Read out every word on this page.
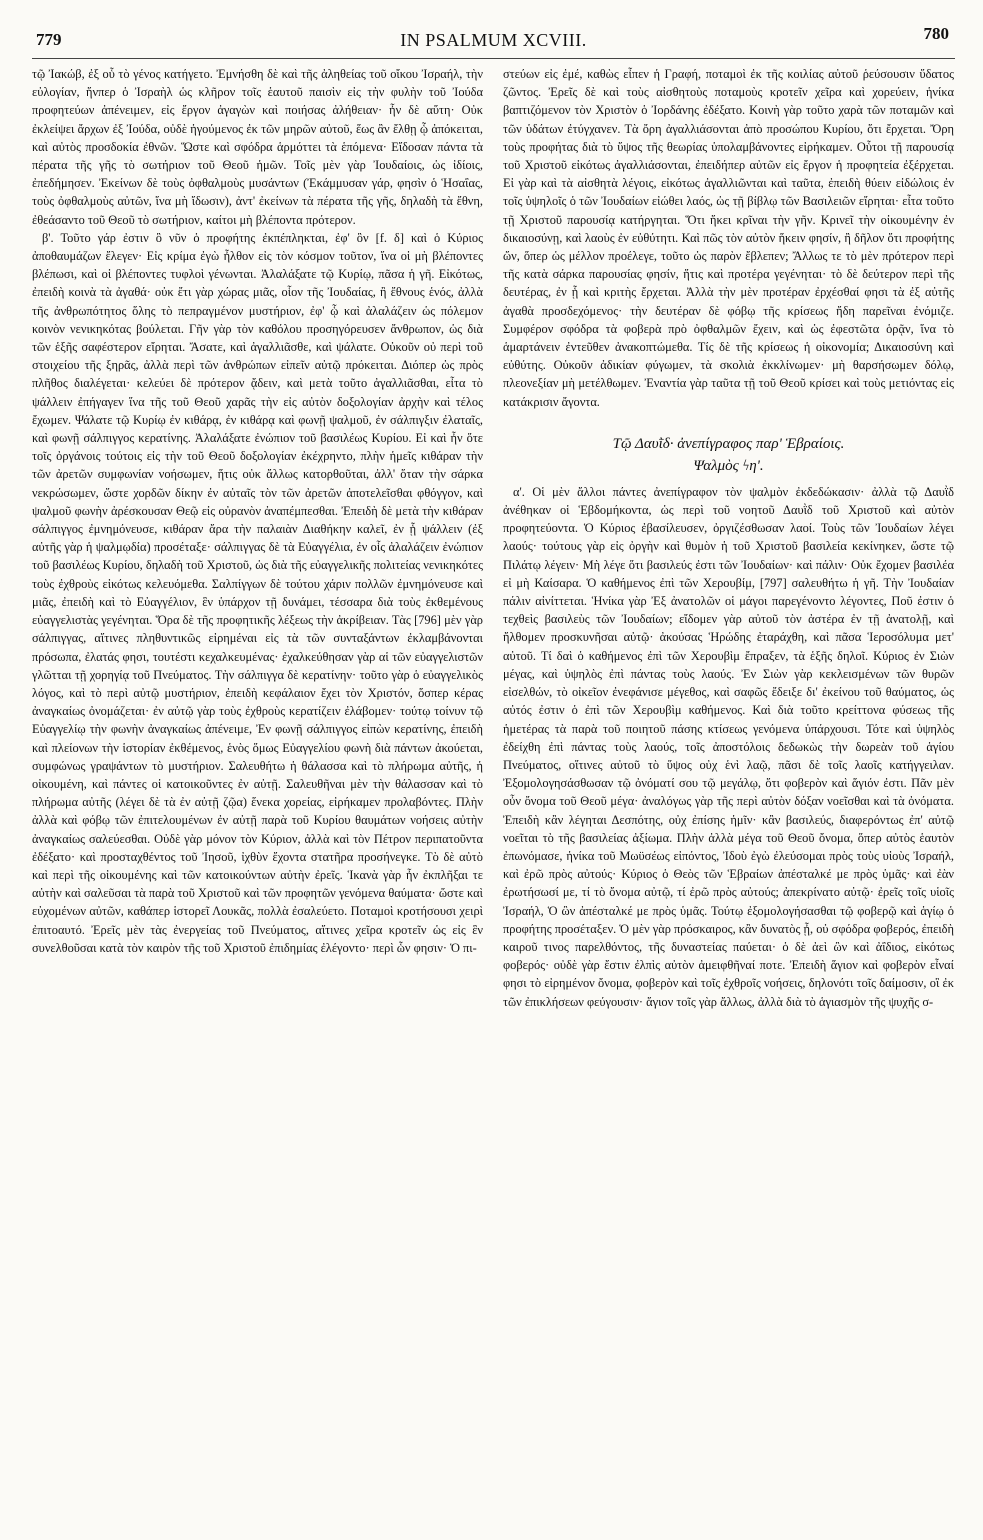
779	IN PSALMUM XCVIII.	780

τῷ Ἰακώβ, ἐξ οὗ τὸ γένος κατήγετο. Ἐμνήσθη δὲ καὶ τῆς ἀληθείας τοῦ οἴκου Ἰσραήλ, τὴν εὐλογίαν, ἥνπερ ὁ Ἰσραὴλ ὡς κλῆρον τοῖς ἑαυτοῦ παισὶν εἰς τὴν φυλὴν τοῦ Ἰούδα προφητεύων ἀπένειμεν, εἰς ἔργον ἀγαγὼν καὶ ποιήσας ἀλήθειαν· ἦν δὲ αὕτη· Οὐκ ἐκλείψει ἄρχων ἐξ Ἰούδα, οὐδὲ ἡγούμενος ἐκ τῶν μηρῶν αὐτοῦ, ἕως ἂν ἔλθῃ ᾧ ἀπόκειται, καὶ αὐτὸς προσδοκία ἐθνῶν. Ὥστε καὶ σφόδρα ἁρμόττει τὰ ἑπόμενα· Εἴδοσαν πάντα τὰ πέρατα τῆς γῆς τὸ σωτήριον τοῦ Θεοῦ ἡμῶν. Τοῖς μὲν γὰρ Ἰουδαίοις, ὡς ἰδίοις, ἐπεδήμησεν. Ἐκείνων δὲ τοὺς ὀφθαλμοὺς μυσάντων (Ἐκάμμυσαν γάρ, φησὶν ὁ Ἡσαΐας, τοὺς ὀφθαλμοὺς αὐτῶν, ἵνα μὴ ἴδωσιν), ἀντ' ἐκείνων τὰ πέρατα τῆς γῆς, δηλαδὴ τὰ ἔθνη, ἐθεάσαντο τοῦ Θεοῦ τὸ σωτήριον, καίτοι μὴ βλέποντα πρότερον.

β'. Τοῦτο γάρ ἐστιν ὃ νῦν ὁ προφήτης ἐκπέπληκται, ἐφ' ὃν [f. δ] καὶ ὁ Κύριος ἀποθαυμάζων ἔλεγεν· Εἰς κρίμα ἐγὼ ἦλθον εἰς τὸν κόσμον τοῦτον, ἵνα οἱ μὴ βλέποντες βλέπωσι, καὶ οἱ βλέποντες τυφλοὶ γένωνται. Ἀλαλάξατε τῷ Κυρίῳ, πᾶσα ἡ γῆ. Εἰκότως, ἐπειδὴ κοινὰ τὰ ἀγαθά· οὐκ ἔτι γὰρ χώρας μιᾶς, οἷον τῆς Ἰουδαίας, ἢ ἔθνους ἑνός, ἀλλὰ τῆς ἀνθρωπότητος ὅλης τὸ πεπραγμένον μυστήριον, ἐφ' ᾧ καὶ ἀλαλάζειν ὡς πόλεμον κοινὸν νενικηκότας βούλεται. Γῆν γὰρ τὸν καθόλου προσηγόρευσεν ἄνθρωπον, ὡς διὰ τῶν ἑξῆς σαφέστερον εἴρηται. Ἄσατε, καὶ ἀγαλλιᾶσθε, καὶ ψάλατε. Οὐκοῦν οὐ περὶ τοῦ στοιχείου τῆς ξηρᾶς, ἀλλὰ περὶ τῶν ἀνθρώπων εἰπεῖν αὐτῷ πρόκειται. Διόπερ ὡς πρὸς πλῆθος διαλέγεται· κελεύει δὲ πρότερον ᾄδειν, καὶ μετὰ τοῦτο ἀγαλλιᾶσθαι, εἶτα τὸ ψάλλειν ἐπήγαγεν ἵνα τῆς τοῦ Θεοῦ χαρᾶς τὴν εἰς αὐτὸν δοξολογίαν ἀρχὴν καὶ τέλος ἔχωμεν. Ψάλατε τῷ Κυρίῳ ἐν κιθάρᾳ, ἐν κιθάρᾳ καὶ φωνῇ ψαλμοῦ, ἐν σάλπιγξιν ἐλαταῖς, καὶ φωνῇ σάλπιγγος κερατίνης. Ἀλαλάξατε ἐνώπιον τοῦ βασιλέως Κυρίου. Εἰ καὶ ἦν ὅτε τοῖς ὀργάνοις τούτοις εἰς τὴν τοῦ Θεοῦ δοξολογίαν ἐκέχρηντο, πλὴν ἡμεῖς κιθάραν τὴν τῶν ἀρετῶν συμφωνίαν νοήσωμεν, ἥτις οὐκ ἄλλως κατορθοῦται, ἀλλ' ὅταν τὴν σάρκα νεκρώσωμεν, ὥστε χορδῶν δίκην ἐν αὐταῖς τὸν τῶν ἀρετῶν ἀποτελεῖσθαι φθόγγον, καὶ ψαλμοῦ φωνὴν ἀρέσκουσαν Θεῷ εἰς οὐρανὸν ἀναπέμπεσθαι. Ἐπειδὴ δὲ μετὰ τὴν κιθάραν σάλπιγγος ἐμνημόνευσε, κιθάραν ἄρα τὴν παλαιὰν Διαθήκην καλεῖ, ἐν ᾗ ψάλλειν (ἐξ αὐτῆς γὰρ ἡ ψαλμῳδία) προσέταξε· σάλπιγγας δὲ τὰ Εὐαγγέλια, ἐν οἷς ἀλαλάζειν ἐνώπιον τοῦ βασιλέως Κυρίου, δηλαδὴ τοῦ Χριστοῦ, ὡς διὰ τῆς εὐαγγελικῆς πολιτείας νενικηκότες τοὺς ἐχθροὺς εἰκότως κελευόμεθα. Σαλπίγγων δὲ τούτου χάριν πολλῶν ἐμνημόνευσε καὶ μιᾶς, ἐπειδὴ καὶ τὸ Εὐαγγέλιον, ἓν ὑπάρχον τῇ δυνάμει, τέσσαρα διὰ τοὺς ἐκθεμένους εὐαγγελιστὰς γεγένηται. Ὅρα δὲ τῆς προφητικῆς λέξεως τὴν ἀκρίβειαν. Τὰς [796] μὲν γὰρ σάλπιγγας, αἵτινες πληθυντικῶς εἰρημέναι εἰς τὰ τῶν συνταξάντων ἐκλαμβάνονται πρόσωπα, ἐλατάς φησι, τουτέστι κεχαλκευμένας· ἐχαλκεύθησαν γὰρ αἱ τῶν εὐαγγελιστῶν γλῶτται τῇ χορηγίᾳ τοῦ Πνεύματος. Τὴν σάλπιγγα δὲ κερατίνην· τοῦτο γὰρ ὁ εὐαγγελικὸς λόγος, καὶ τὸ περὶ αὐτῷ μυστήριον, ἐπειδὴ κεφάλαιον ἔχει τὸν Χριστόν, ὅσπερ κέρας ἀναγκαίως ὀνομάζεται· ἐν αὐτῷ γὰρ τοὺς ἐχθροὺς κερατίζειν ἐλάβομεν· τούτῳ τοίνυν τῷ Εὐαγγελίῳ τὴν φωνὴν ἀναγκαίως ἀπένειμε, Ἐν φωνῇ σάλπιγγος εἰπὼν κερατίνης, ἐπειδὴ καὶ πλείονων τὴν ἱστορίαν ἐκθέμενος, ἑνὸς ὅμως Εὐαγγελίου φωνὴ διὰ πάντων ἀκούεται, συμφώνως γραψάντων τὸ μυστήριον. Σαλευθήτω ἡ θάλασσα καὶ τὸ πλήρωμα αὐτῆς, ἡ οἰκουμένη, καὶ πάντες οἱ κατοικοῦντες ἐν αὐτῇ. Σαλευθῆναι μὲν τὴν θάλασσαν καὶ τὸ πλήρωμα αὐτῆς (λέγει δὲ τὰ ἐν αὐτῇ ζῷα) ἕνεκα χορείας, εἰρήκαμεν προλαβόντες. Πλὴν ἀλλὰ καὶ φόβῳ τῶν ἐπιτελουμένων ἐν αὐτῇ παρὰ τοῦ Κυρίου θαυμάτων νοήσεις αὐτὴν ἀναγκαίως σαλεύεσθαι. Οὐδὲ γὰρ μόνον τὸν Κύριον, ἀλλὰ καὶ τὸν Πέτρον περιπατοῦντα ἐδέξατο· καὶ προσταχθέντος τοῦ Ἰησοῦ, ἰχθὺν ἔχοντα στατῆρα προσήνεγκε. Τὸ δὲ αὐτὸ καὶ περὶ τῆς οἰκουμένης καὶ τῶν κατοικούντων αὐτὴν ἐρεῖς. Ἱκανὰ γὰρ ἦν ἐκπλῆξαι τε αὐτὴν καὶ σαλεῦσαι τὰ παρὰ τοῦ Χριστοῦ καὶ τῶν προφητῶν γενόμενα θαύματα· ὥστε καὶ εὐχομένων αὐτῶν, καθάπερ ἱστορεῖ Λουκᾶς, πολλὰ ἐσαλεύετο. Ποταμοὶ κροτήσουσι χειρὶ ἐπιτοαυτό. Ἐρεῖς μὲν τὰς ἐνεργείας τοῦ Πνεύματος, αἵτινες χεῖρα κροτεῖν ὡς εἰς ἓν συνελθοῦσαι κατὰ τὸν καιρὸν τῆς τοῦ Χριστοῦ ἐπιδημίας ἐλέγοντο· περὶ ὧν φησιν· Ὁ πι-

στεύων εἰς ἐμέ, καθὼς εἶπεν ἡ Γραφή, ποταμοὶ ἐκ τῆς κοιλίας αὐτοῦ ῥεύσουσιν ὕδατος ζῶντος. Ἐρεῖς δὲ καὶ τοὺς αἰσθητοὺς ποταμοὺς κροτεῖν χεῖρα καὶ χορεύειν, ἡνίκα βαπτιζόμενον τὸν Χριστὸν ὁ Ἰορδάνης ἐδέξατο. Κοινὴ γὰρ τοῦτο χαρὰ τῶν ποταμῶν καὶ τῶν ὑδάτων ἐτύγχανεν. Τὰ ὄρη ἀγαλλιάσονται ἀπὸ προσώπου Κυρίου, ὅτι ἔρχεται. Ὄρη τοὺς προφήτας διὰ τὸ ὕψος τῆς θεωρίας ὑπολαμβάνοντες εἰρήκαμεν. Οὗτοι τῇ παρουσίᾳ τοῦ Χριστοῦ εἰκότως ἀγαλλιάσονται, ἐπειδήπερ αὐτῶν εἰς ἔργον ἡ προφητεία ἐξέρχεται. Εἰ γὰρ καὶ τὰ αἰσθητὰ λέγοις, εἰκότως ἀγαλλιῶνται καὶ ταῦτα, ἐπειδὴ θύειν εἰδώλοις ἐν τοῖς ὑψηλοῖς ὁ τῶν Ἰουδαίων εἰώθει λαός, ὡς τῇ βίβλῳ τῶν Βασιλειῶν εἴρηται· εἶτα τοῦτο τῇ Χριστοῦ παρουσίᾳ κατήργηται. Ὅτι ἥκει κρῖναι τὴν γῆν. Κρινεῖ τὴν οἰκουμένην ἐν δικαιοσύνῃ, καὶ λαοὺς ἐν εὐθύτητι. Καὶ πῶς τὸν αὐτὸν ἥκειν φησίν, ἢ δῆλον ὅτι προφήτης ὤν, ὅπερ ὡς μέλλον προέλεγε, τοῦτο ὡς παρὸν ἔβλεπεν; Ἄλλως τε τὸ μὲν πρότερον περὶ τῆς κατὰ σάρκα παρουσίας φησίν, ἥτις καὶ προτέρα γεγένηται· τὸ δὲ δεύτερον περὶ τῆς δευτέρας, ἐν ᾗ καὶ κριτὴς ἔρχεται. Ἀλλὰ τὴν μὲν προτέραν ἐρχέσθαί φησι τὰ ἐξ αὐτῆς ἀγαθὰ προσδεχόμενος· τὴν δευτέραν δὲ φόβῳ τῆς κρίσεως ἤδη παρεῖναι ἐνόμιζε. Συμφέρον σφόδρα τὰ φοβερὰ πρὸ ὀφθαλμῶν ἔχειν, καὶ ὡς ἐφεστῶτα ὁρᾷν, ἵνα τὸ ἁμαρτάνειν ἐντεῦθεν ἀνακοπτώμεθα. Τίς δὲ τῆς κρίσεως ἡ οἰκονομία; Δικαιοσύνη καὶ εὐθύτης. Οὐκοῦν ἀδικίαν φύγωμεν, τὰ σκολιὰ ἐκκλίνωμεν· μὴ θαρσήσωμεν δόλῳ, πλεονεξίαν μὴ μετέλθωμεν. Ἐναντία γὰρ ταῦτα τῇ τοῦ Θεοῦ κρίσει καὶ τοὺς μετιόντας εἰς κατάκρισιν ἄγοντα.

Τῷ Δαυῒδ· ἀνεπίγραφος παρ' Ἑβραίοις.
Ψαλμὸς ϟη'.

α'. Οἱ μὲν ἄλλοι πάντες ἀνεπίγραφον τὸν ψαλμὸν ἐκδεδώκασιν· ἀλλὰ τῷ Δαυῒδ ἀνέθηκαν οἱ Ἑβδομήκοντα, ὡς περὶ τοῦ νοητοῦ Δαυῒδ τοῦ Χριστοῦ καὶ αὐτὸν προφητεύοντα. Ὁ Κύριος ἐβασίλευσεν, ὀργιζέσθωσαν λαοί. Τοὺς τῶν Ἰουδαίων λέγει λαούς· τούτους γὰρ εἰς ὀργὴν καὶ θυμὸν ἡ τοῦ Χριστοῦ βασιλεία κεκίνηκεν, ὥστε τῷ Πιλάτῳ λέγειν· Μὴ λέγε ὅτι βασιλεύς ἐστι τῶν Ἰουδαίων· καὶ πάλιν· Οὐκ ἔχομεν βασιλέα εἰ μὴ Καίσαρα. Ὁ καθήμενος ἐπὶ τῶν Χερουβίμ, [797] σαλευθήτω ἡ γῆ. Τὴν Ἰουδαίαν πάλιν αἰνίττεται. Ἡνίκα γὰρ Ἐξ ἀνατολῶν οἱ μάγοι παρεγένοντο λέγοντες, Ποῦ ἐστιν ὁ τεχθεὶς βασιλεὺς τῶν Ἰουδαίων; εἴδομεν γὰρ αὐτοῦ τὸν ἀστέρα ἐν τῇ ἀνατολῇ, καὶ ἤλθομεν προσκυνῆσαι αὐτῷ· ἀκούσας Ἡρώδης ἐταράχθη, καὶ πᾶσα Ἱεροσόλυμα μετ' αὐτοῦ. Τί δαὶ ὁ καθήμενος ἐπὶ τῶν Χερουβὶμ ἔπραξεν, τὰ ἑξῆς δηλοῖ. Κύριος ἐν Σιὼν μέγας, καὶ ὑψηλὸς ἐπὶ πάντας τοὺς λαούς. Ἐν Σιὼν γὰρ κεκλεισμένων τῶν θυρῶν εἰσελθών, τὸ οἰκεῖον ἐνεφάνισε μέγεθος, καὶ σαφῶς ἔδειξε δι' ἐκείνου τοῦ θαύματος, ὡς αὐτός ἐστιν ὁ ἐπὶ τῶν Χερουβὶμ καθήμενος. Καὶ διὰ τοῦτο κρείττονα φύσεως τῆς ἡμετέρας τὰ παρὰ τοῦ ποιητοῦ πάσης κτίσεως γενόμενα ὑπάρχουσι. Τότε καὶ ὑψηλὸς ἐδείχθη ἐπὶ πάντας τοὺς λαούς, τοῖς ἀποστόλοις δεδωκὼς τὴν δωρεὰν τοῦ ἁγίου Πνεύματος, οἵτινες αὐτοῦ τὸ ὕψος οὐχ ἑνὶ λαῷ, πᾶσι δὲ τοῖς λαοῖς κατήγγειλαν. Ἐξομολογησάσθωσαν τῷ ὀνόματί σου τῷ μεγάλῳ, ὅτι φοβερὸν καὶ ἅγιόν ἐστι. Πᾶν μὲν οὖν ὄνομα τοῦ Θεοῦ μέγα· ἀναλόγως γὰρ τῆς περὶ αὐτὸν δόξαν νοεῖσθαι καὶ τὰ ὀνόματα. Ἐπειδὴ κἂν λέγηται Δεσπότης, οὐχ ἐπίσης ἡμῖν· κἂν βασιλεύς, διαφερόντως ἐπ' αὐτῷ νοεῖται τὸ τῆς βασιλείας ἀξίωμα. Πλὴν ἀλλὰ μέγα τοῦ Θεοῦ ὄνομα, ὅπερ αὐτὸς ἑαυτὸν ἐπωνόμασε, ἡνίκα τοῦ Μωϋσέως εἰπόντος, Ἰδοὺ ἐγὼ ἐλεύσομαι πρὸς τοὺς υἱοὺς Ἰσραήλ, καὶ ἐρῶ πρὸς αὐτούς· Κύριος ὁ Θεὸς τῶν Ἑβραίων ἀπέσταλκέ με πρὸς ὑμᾶς· καὶ ἐὰν ἐρωτήσωσί με, τί τὸ ὄνομα αὐτῷ, τί ἐρῶ πρὸς αὐτούς; ἀπεκρίνατο αὐτῷ· ἐρεῖς τοῖς υἱοῖς Ἰσραήλ, Ὁ ὢν ἀπέσταλκέ με πρὸς ὑμᾶς. Τούτῳ ἐξομολογήσασθαι τῷ φοβερῷ καὶ ἁγίῳ ὁ προφήτης προσέταξεν. Ὁ μὲν γὰρ πρόσκαιρος, κἂν δυνατὸς ᾖ, οὐ σφόδρα φοβερός, ἐπειδὴ καιροῦ τινος παρελθόντος, τῆς δυναστείας παύεται· ὁ δὲ ἀεὶ ὢν καὶ ἀΐδιος, εἰκότως φοβερός· οὐδὲ γὰρ ἔστιν ἐλπὶς αὐτὸν ἀμειφθῆναί ποτε. Ἐπειδὴ ἅγιον καὶ φοβερὸν εἶναί φησι τὸ εἰρημένον ὄνομα, φοβερὸν καὶ τοῖς ἐχθροῖς νοήσεις, δηλονότι τοῖς δαίμοσιν, οἳ ἐκ τῶν ἐπικλήσεων φεύγουσιν· ἅγιον τοῖς γὰρ ἄλλως, ἀλλὰ διὰ τὸ ἁγιασμὸν τῆς ψυχῆς σ-
